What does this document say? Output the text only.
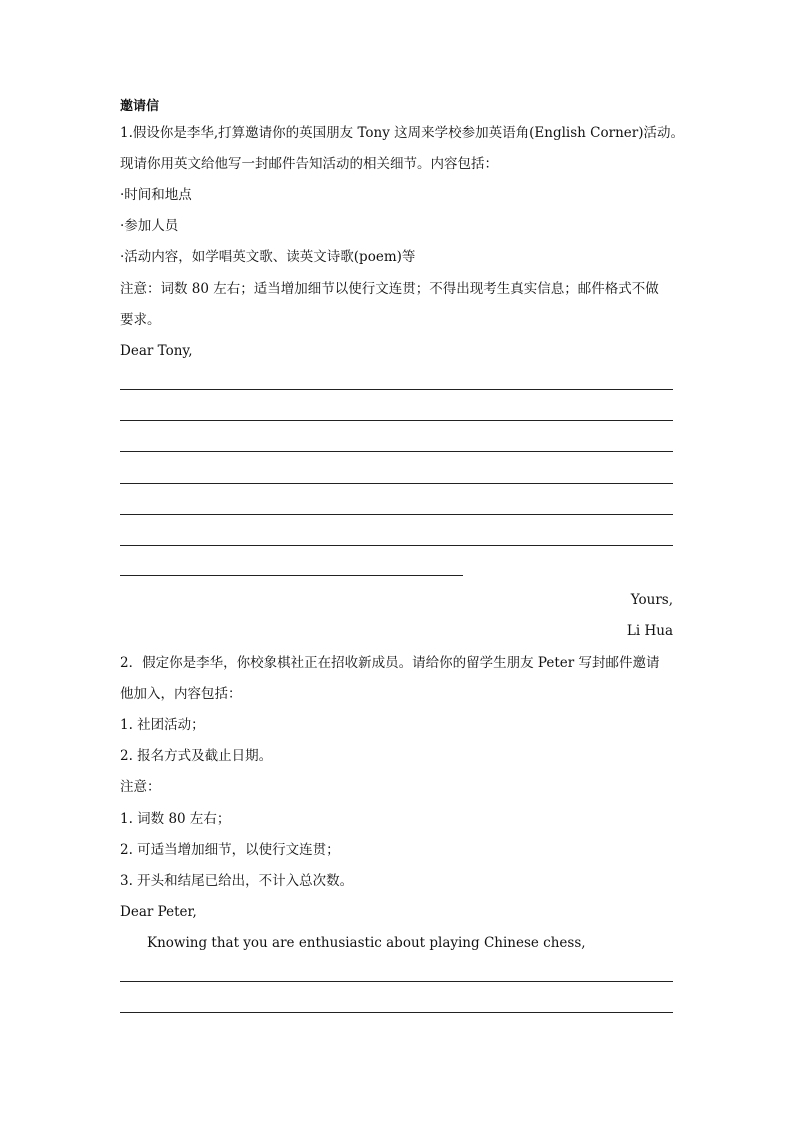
邀请信
1.假设你是李华,打算邀请你的英国朋友 Tony 这周来学校参加英语角(English Corner)活动。
现请你用英文给他写一封邮件告知活动的相关细节。内容包括：
·时间和地点
·参加人员
·活动内容，如学唱英文歌、读英文诗歌(poem)等
注意：词数 80 左右；适当增加细节以使行文连贯；不得出现考生真实信息；邮件格式不做
要求。
Dear Tony,
Yours,
Li Hua
2．假定你是李华，你校象棋社正在招收新成员。请给你的留学生朋友 Peter 写封邮件邀请
他加入，内容包括：
1. 社团活动；
2. 报名方式及截止日期。
注意：
1. 词数 80 左右；
2. 可适当增加细节，以使行文连贯；
3. 开头和结尾已给出，不计入总次数。
Dear Peter,
Knowing that you are enthusiastic about playing Chinese chess,
